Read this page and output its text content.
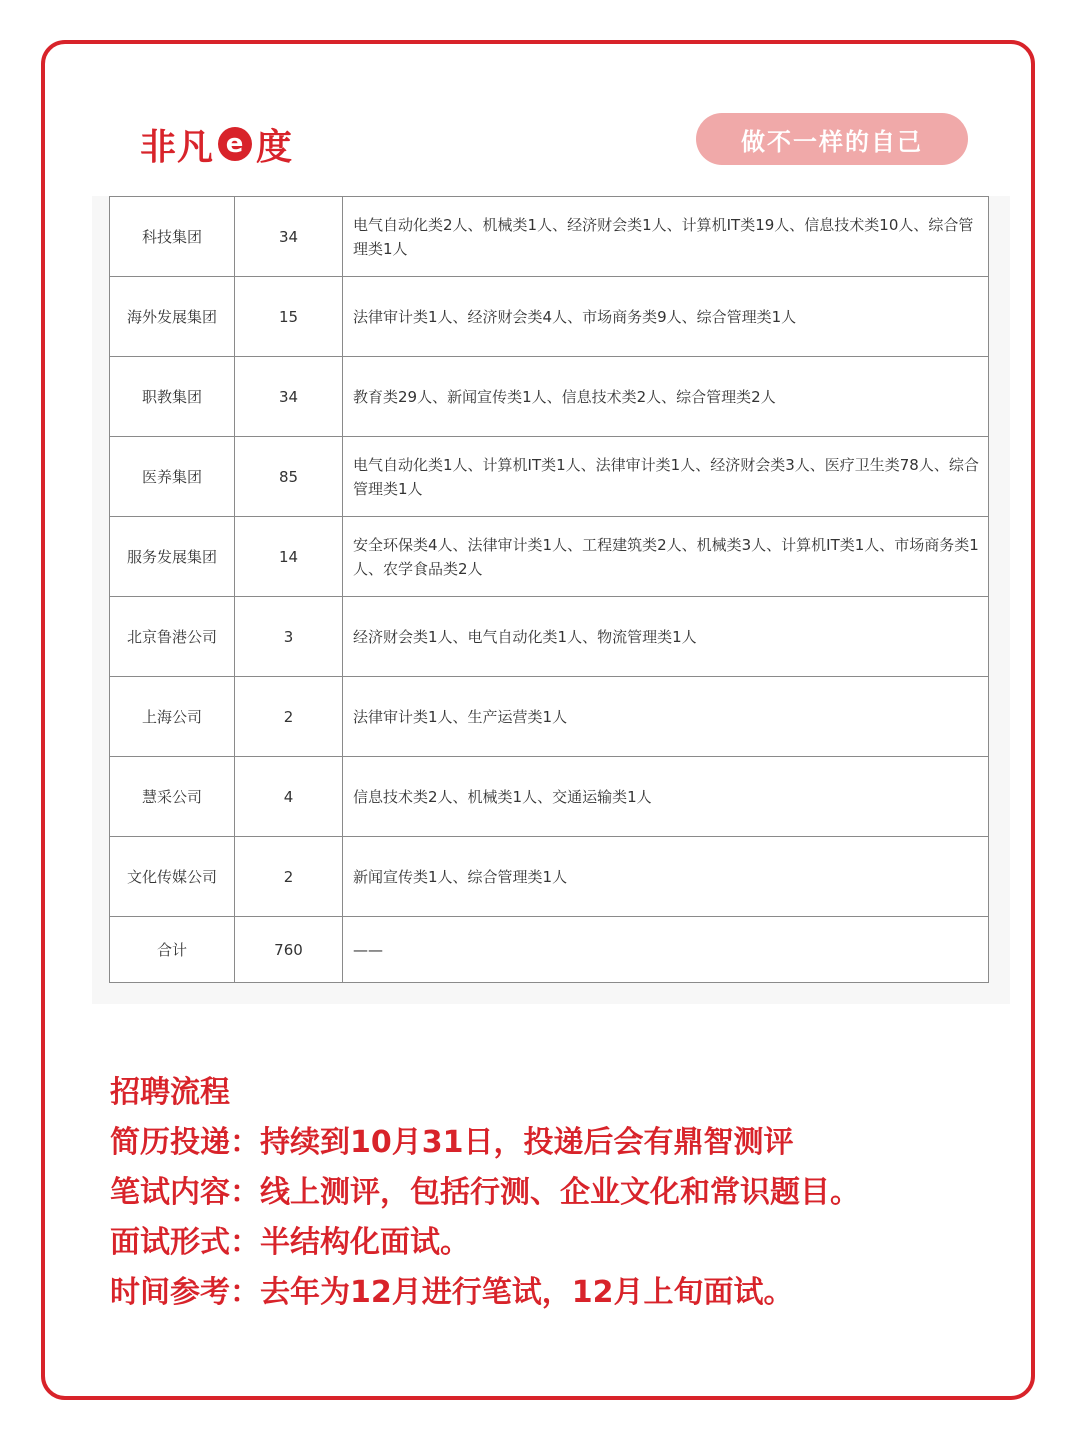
非凡 e 度	做不一样的自己
科技集团	34	电气自动化类2人、机械类1人、经济财会类1人、计算机IT类19人、信息技术类10人、综合管理类1人
海外发展集团	15	法律审计类1人、经济财会类4人、市场商务类9人、综合管理类1人
职教集团	34	教育类29人、新闻宣传类1人、信息技术类2人、综合管理类2人
医养集团	85	电气自动化类1人、计算机IT类1人、法律审计类1人、经济财会类3人、医疗卫生类78人、综合管理类1人
服务发展集团	14	安全环保类4人、法律审计类1人、工程建筑类2人、机械类3人、计算机IT类1人、市场商务类1人、农学食品类2人
北京鲁港公司	3	经济财会类1人、电气自动化类1人、物流管理类1人
上海公司	2	法律审计类1人、生产运营类1人
慧采公司	4	信息技术类2人、机械类1人、交通运输类1人
文化传媒公司	2	新闻宣传类1人、综合管理类1人
合计	760	——
招聘流程
简历投递：持续到10月31日，投递后会有鼎智测评
笔试内容：线上测评，包括行测、企业文化和常识题目。
面试形式：半结构化面试。
时间参考：去年为12月进行笔试，12月上旬面试。
